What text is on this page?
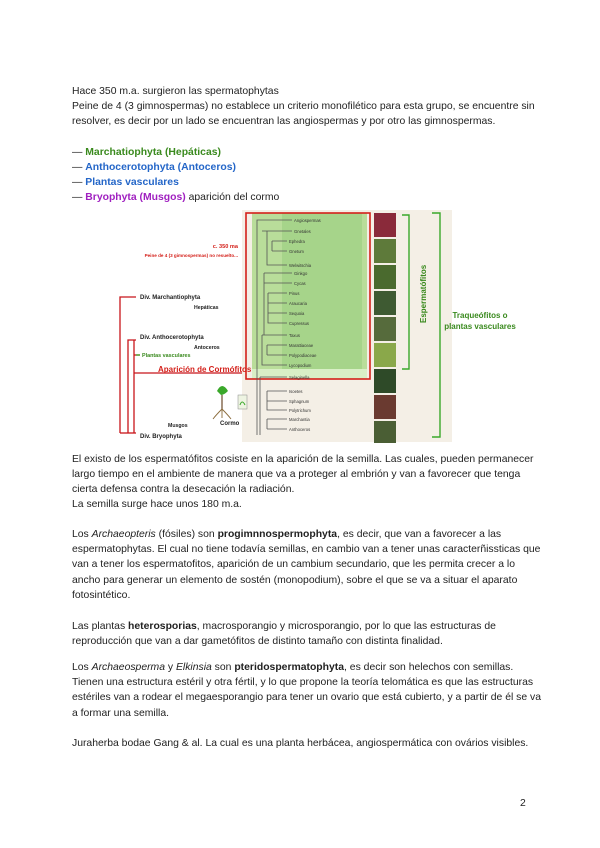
Hace 350 m.a. surgieron las spermatophytas
Peine de 4 (3 gimnospermas) no establece un criterio monofilético para esta grupo, se encuentre sin resolver, es decir por un lado se encuentran las angiospermas y por otro las gimnospermas.
— Marchatiophyta (Hepáticas)
— Anthocerotophyta (Antoceros)
— Plantas vasculares
— Bryophyta (Musgos) aparición del cormo
Angiospermas
Gnetales
Ephedra
Gnetum
Welwitschia
Ginkgo
Cycas
Pinus
Araucaria
Sequoia
Cupressus
Taxus
Marattiaceae
Polypodiaceae
Lycopodium
Selaginella
Isoetes
Sphagnum
Polytrichum
Marchantia
Anthoceros
Espermatófitos	Traqueófitos o
plantas vasculares
c. 350 ma
Peine de 4 (3 gimnospermas) no resuelto...
Div. Marchantiophyta
Hepáticas
Div. Anthocerotophyta
Antoceros
Plantas vasculares
Aparición de Cormófitos
Cormo
Musgos
Div. Bryophyta
El existo de los espermatófitos cosiste en la aparición de la semilla. Las cuales, pueden permanecer largo tiempo en el ambiente de manera que va a proteger al embrión y van a favorecer que tenga cierta defensa contra la desecación la radiación.
La semilla surge hace unos 180 m.a.
Los Archaeopteris (fósiles) son progimnnospermophyta, es decir, que van a favorecer a las espermatophytas. El cual no tiene todavía semillas, en cambio van a tener unas caracterñissticas que van a tener los espermatofitos, aparición de un cambium secundario, que les permita crecer a lo ancho para generar un elemento de sostén (monopodium), sobre el que se va a situar el aparato fotosintético.
Las plantas heterosporias, macrosporangio y microsporangio, por lo que las estructuras de reproducción que van a dar gametófitos de distinto tamaño con distinta finalidad.
Los Archaeosperma y Elkinsia son pteridospermatophyta, es decir son helechos con semillas. Tienen una estructura estéril y otra fértil, y lo que propone la teoría telomática es que las estructuras estériles van a rodear el megaesporangio para tener un ovario que está cubierto, y a partir de él se va a formar una semilla.
Juraherba bodae Gang & al. La cual es una planta herbácea, angiospermática con ovários visibles.
2
